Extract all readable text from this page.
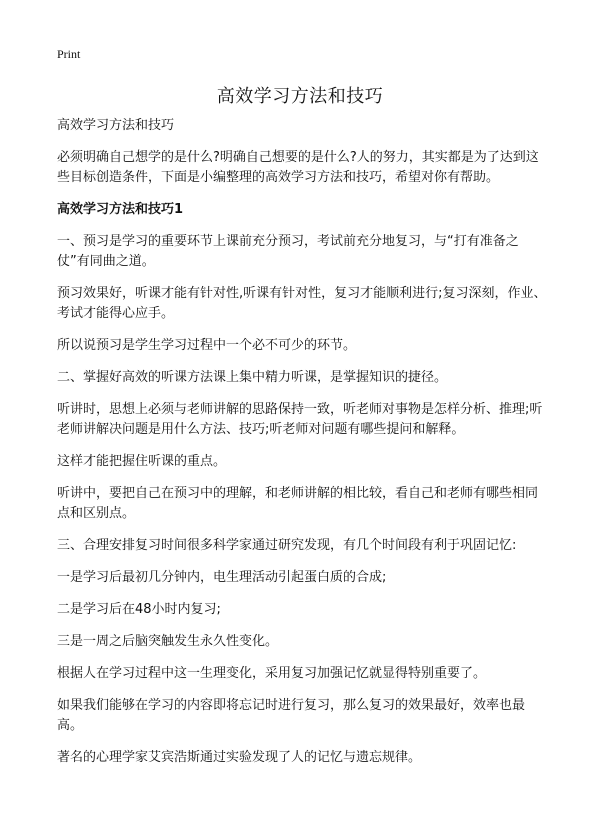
Print
高效学习方法和技巧

高效学习方法和技巧

必须明确自己想学的是什么?明确自己想要的是什么?人的努力，其实都是为了达到这些目标创造条件，下面是小编整理的高效学习方法和技巧，希望对你有帮助。

高效学习方法和技巧1

一、预习是学习的重要环节上课前充分预习，考试前充分地复习，与“打有准备之仗”有同曲之道。

预习效果好，听课才能有针对性,听课有针对性，复习才能顺利进行;复习深刻，作业、考试才能得心应手。

所以说预习是学生学习过程中一个必不可少的环节。

二、掌握好高效的听课方法课上集中精力听课，是掌握知识的捷径。

听讲时，思想上必须与老师讲解的思路保持一致，听老师对事物是怎样分析、推理;听老师讲解决问题是用什么方法、技巧;听老师对问题有哪些提问和解释。

这样才能把握住听课的重点。

听讲中，要把自己在预习中的理解，和老师讲解的相比较，看自己和老师有哪些相同点和区别点。

三、合理安排复习时间很多科学家通过研究发现，有几个时间段有利于巩固记忆:

一是学习后最初几分钟内，电生理活动引起蛋白质的合成;

二是学习后在48小时内复习;

三是一周之后脑突触发生永久性变化。

根据人在学习过程中这一生理变化，采用复习加强记忆就显得特别重要了。

如果我们能够在学习的内容即将忘记时进行复习，那么复习的效果最好，效率也最高。

著名的心理学家艾宾浩斯通过实验发现了人的记忆与遗忘规律。
